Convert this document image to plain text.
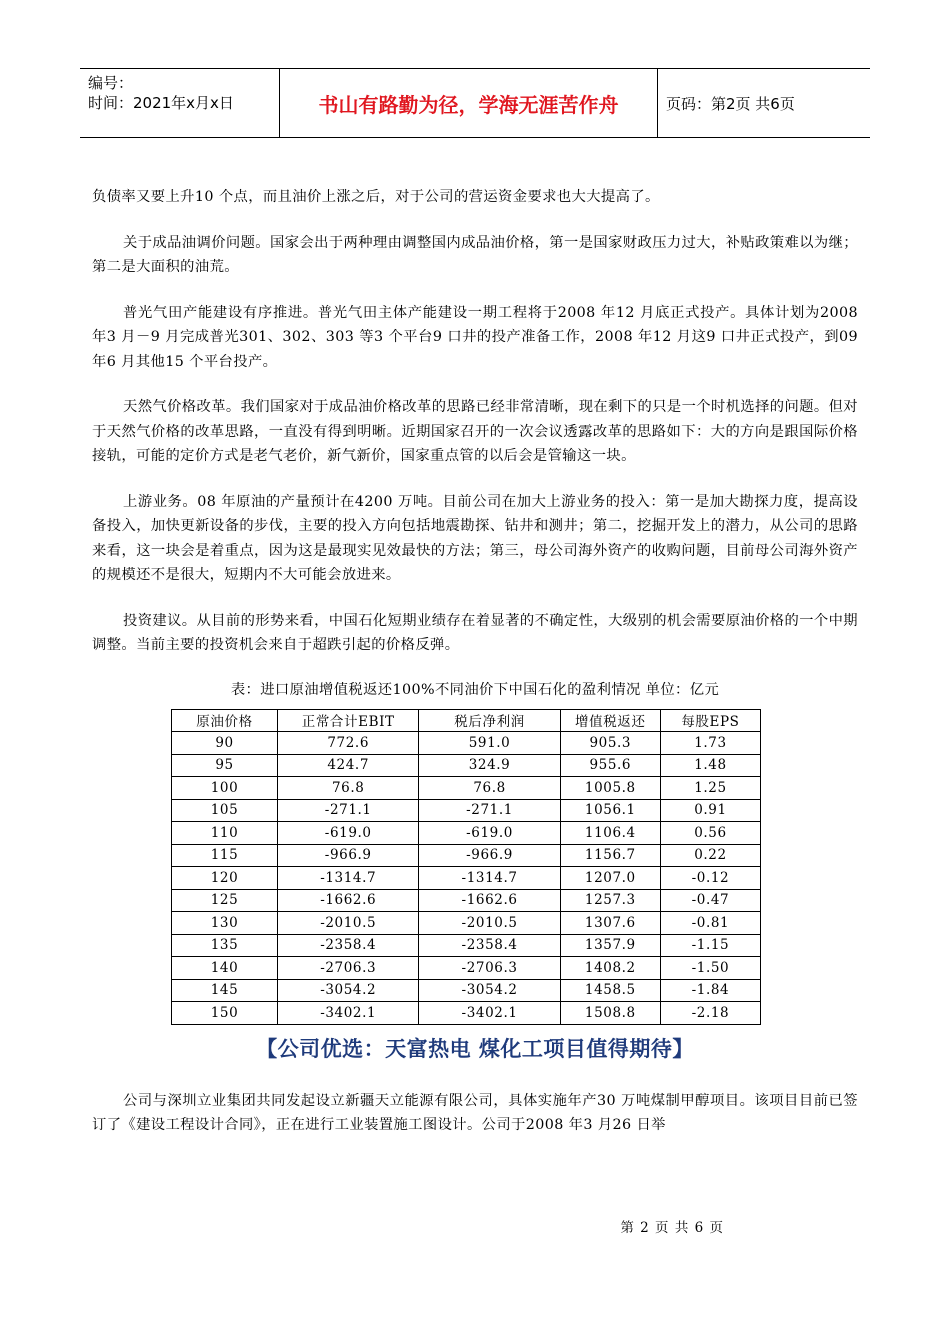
编号：
时间：2021年x月x日	书山有路勤为径，学海无涯苦作舟	页码：第2页 共6页

负债率又要上升10 个点，而且油价上涨之后，对于公司的营运资金要求也大大提高了。

关于成品油调价问题。国家会出于两种理由调整国内成品油价格，第一是国家财政压力过大，补贴政策难以为继；第二是大面积的油荒。

普光气田产能建设有序推进。普光气田主体产能建设一期工程将于2008 年12 月底正式投产。具体计划为2008 年3 月－9 月完成普光301、302、303 等3 个平台9 口井的投产准备工作，2008 年12 月这9 口井正式投产，到09 年6 月其他15 个平台投产。

天然气价格改革。我们国家对于成品油价格改革的思路已经非常清晰，现在剩下的只是一个时机选择的问题。但对于天然气价格的改革思路，一直没有得到明晰。近期国家召开的一次会议透露改革的思路如下：大的方向是跟国际价格接轨，可能的定价方式是老气老价，新气新价，国家重点管的以后会是管输这一块。

上游业务。08 年原油的产量预计在4200 万吨。目前公司在加大上游业务的投入：第一是加大勘探力度，提高设备投入，加快更新设备的步伐，主要的投入方向包括地震勘探、钻井和测井；第二，挖掘开发上的潜力，从公司的思路来看，这一块会是着重点，因为这是最现实见效最快的方法；第三，母公司海外资产的收购问题，目前母公司海外资产的规模还不是很大，短期内不大可能会放进来。

投资建议。从目前的形势来看，中国石化短期业绩存在着显著的不确定性，大级别的机会需要原油价格的一个中期调整。当前主要的投资机会来自于超跌引起的价格反弹。

表：进口原油增值税返还100%不同油价下中国石化的盈利情况 单位：亿元
原油价格	正常合计EBIT	税后净利润	增值税返还	每股EPS
90	772.6	591.0	905.3	1.73
95	424.7	324.9	955.6	1.48
100	76.8	76.8	1005.8	1.25
105	-271.1	-271.1	1056.1	0.91
110	-619.0	-619.0	1106.4	0.56
115	-966.9	-966.9	1156.7	0.22
120	-1314.7	-1314.7	1207.0	-0.12
125	-1662.6	-1662.6	1257.3	-0.47
130	-2010.5	-2010.5	1307.6	-0.81
135	-2358.4	-2358.4	1357.9	-1.15
140	-2706.3	-2706.3	1408.2	-1.50
145	-3054.2	-3054.2	1458.5	-1.84
150	-3402.1	-3402.1	1508.8	-2.18
【公司优选：天富热电 煤化工项目值得期待】

公司与深圳立业集团共同发起设立新疆天立能源有限公司，具体实施年产30 万吨煤制甲醇项目。该项目目前已签订了《建设工程设计合同》，正在进行工业装置施工图设计。公司于2008 年3 月26 日举

第 2 页 共 6 页
